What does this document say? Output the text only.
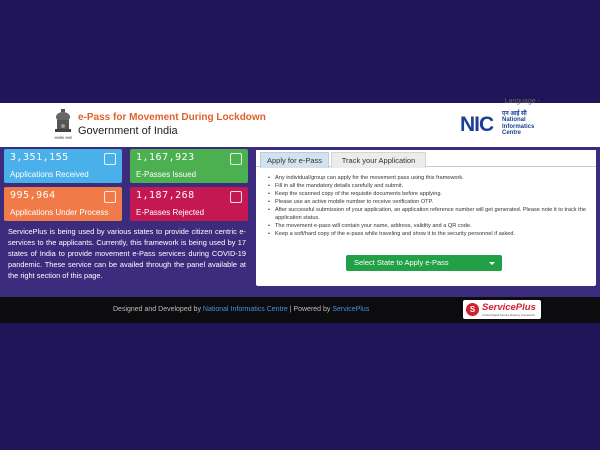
Language -
सत्यमेव जयते
e-Pass for Movement During Lockdown
Government of India	NIC एन आई सी
National
Informatics
Centre
3,351,155
Applications Received
1,167,923
E-Passes Issued
995,964
Applications Under Process
1,187,268
E-Passes Rejected

ServicePlus is being used by various states to provide citizen centric e-services to the applicants. Currently, this framework is being used by 17 states of India to provide movement e-Pass services during COVID-19 pandemic. These service can be availed through the panel available at the right section of this page.

Apply for e-Pass	Track your Application
• Any individual/group can apply for the movement pass using this framework.
• Fill in all the mandatory details carefully and submit.
• Keep the scanned copy of the requisite documents before applying.
• Please use an active mobile number to receive verification OTP.
• After successful submission of your application, an application reference number will get generated. Please note it to track the application status.
• The movement e-pass will contain your name, address, validity and a QR code.
• Keep a soft/hard copy of the e-pass while traveling and show it to the security personnel if asked.
Select State to Apply e-Pass
Designed and Developed by National Informatics Centre | Powered by ServicePlus	S ServicePlus
Unified Digital Service Delivery Framework
